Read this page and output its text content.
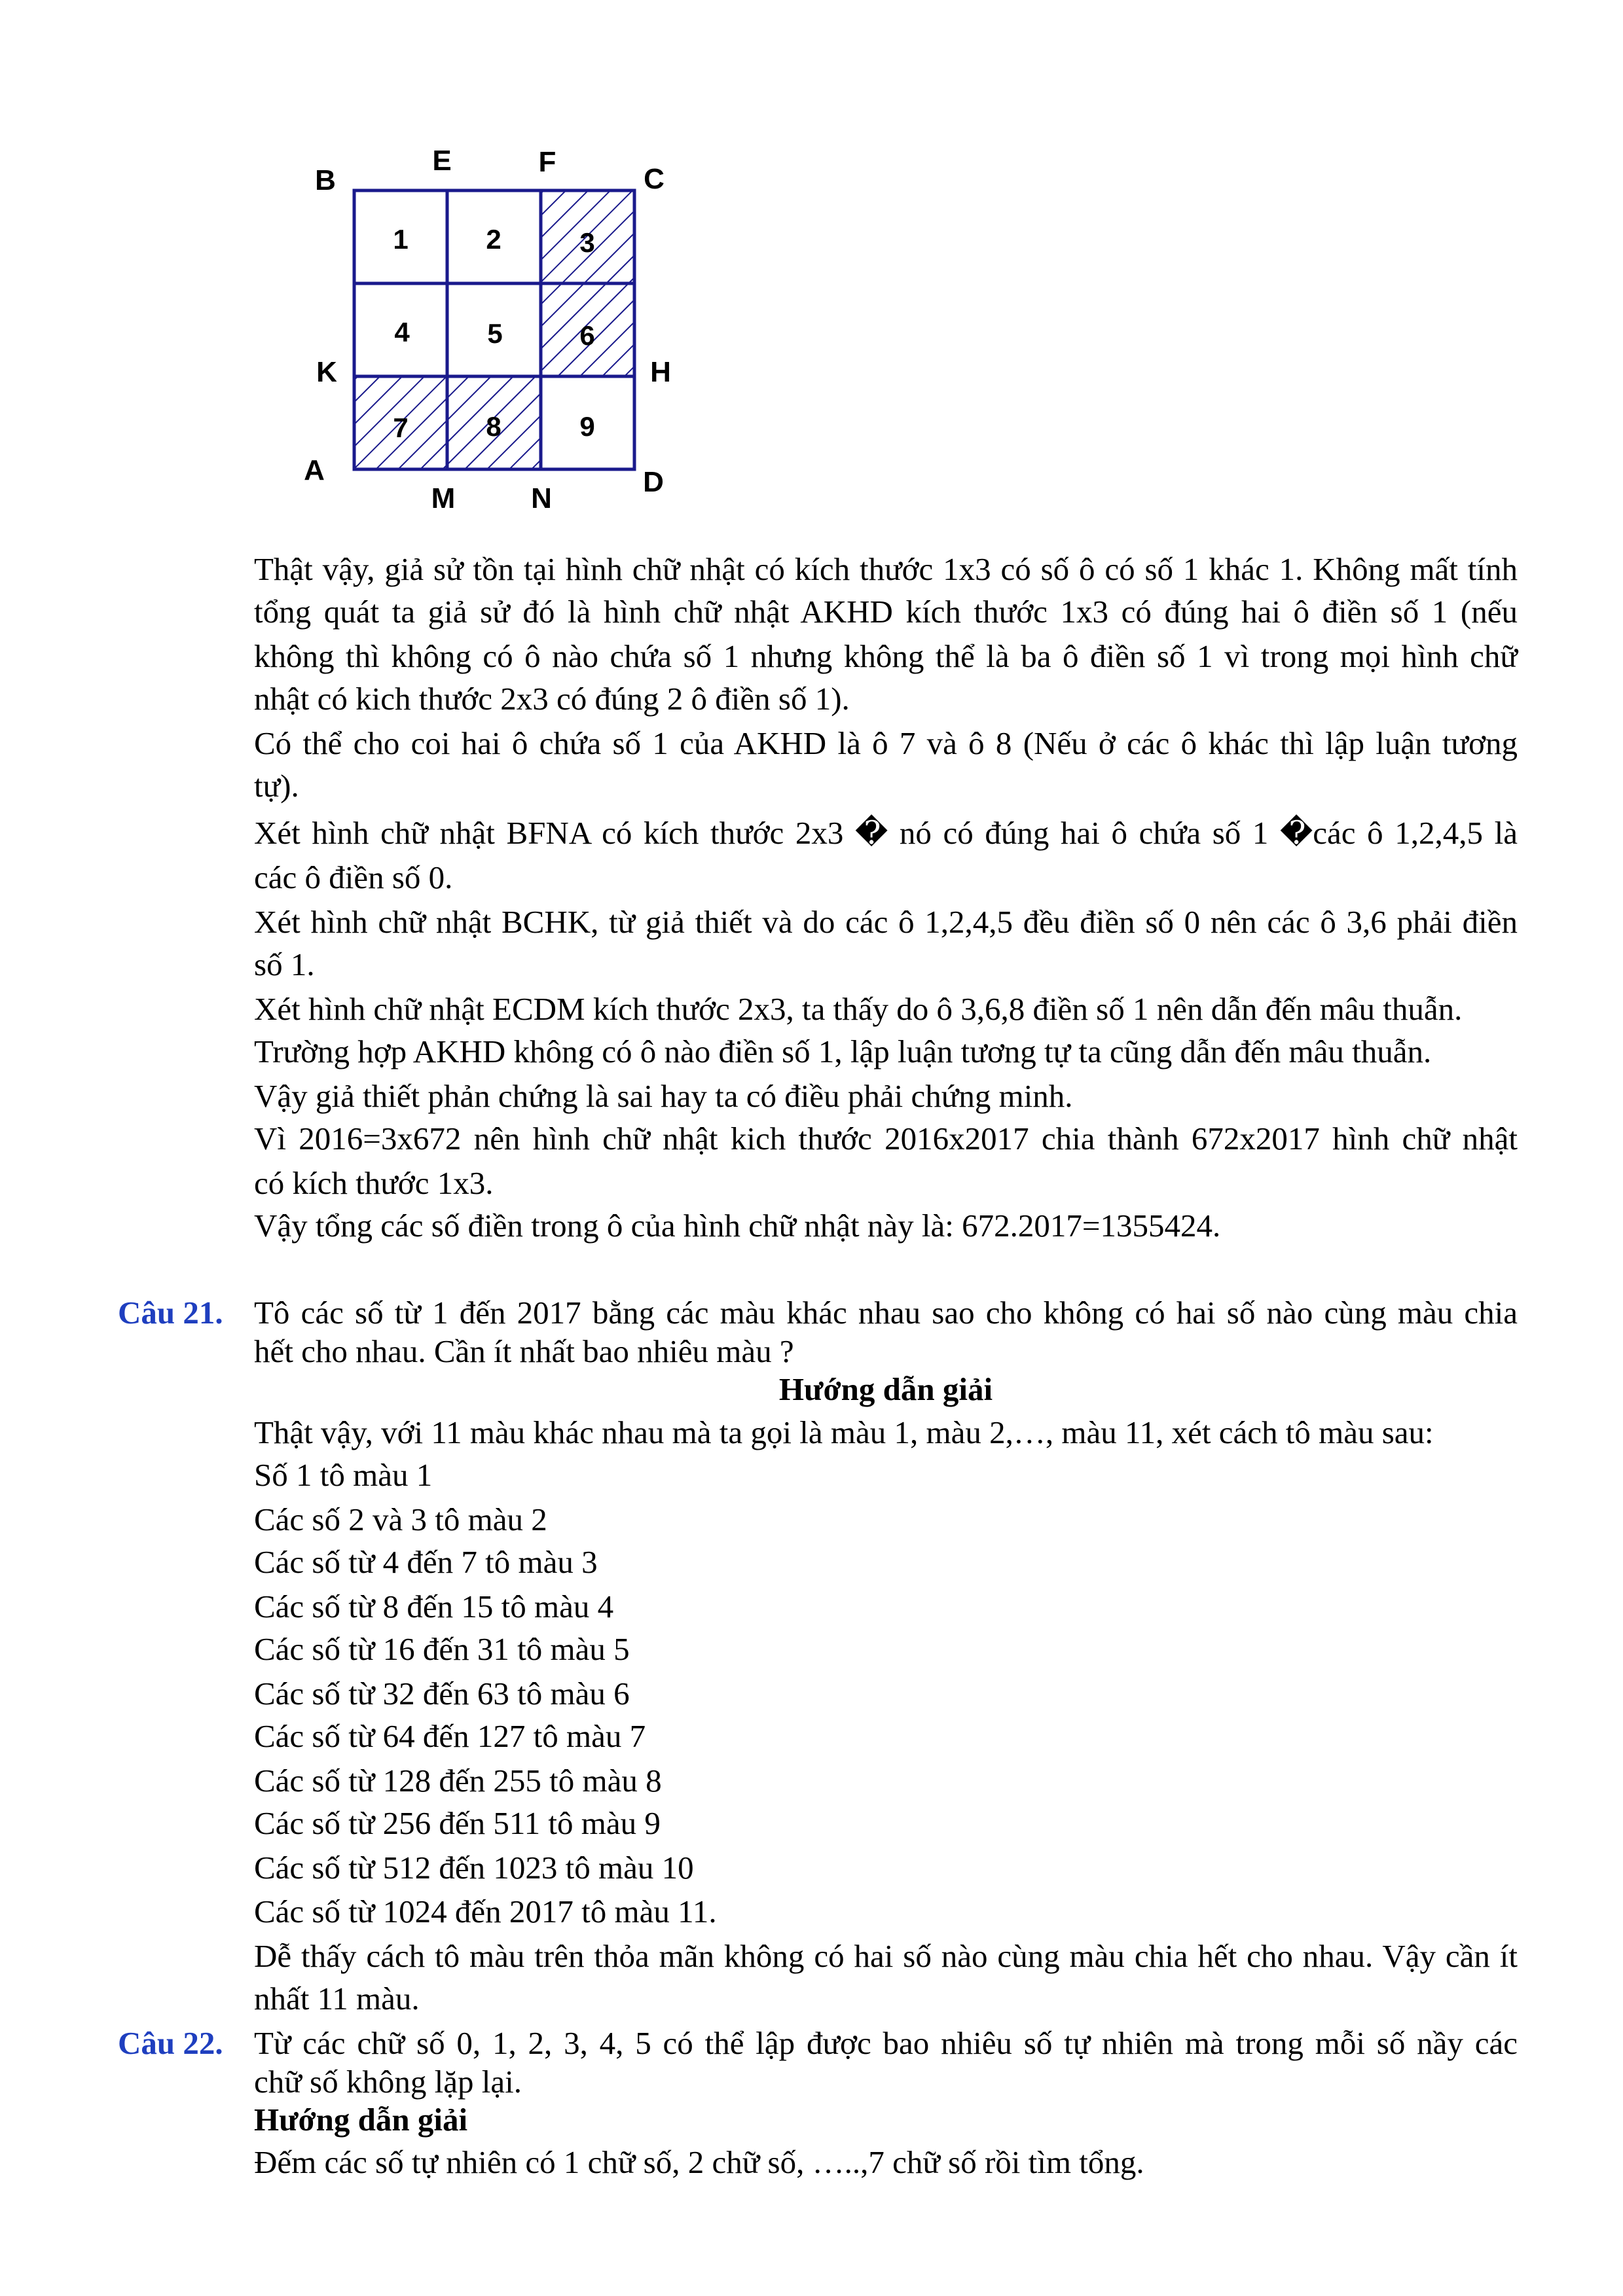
1	2	3
4	5	6
7	8	9
B
E	F
C
K	H
A	D
M	N
Thật vậy, giả sử tồn tại hình chữ nhật có kích thước 1x3 có số ô có số 1 khác 1. Không mất tính
tổng quát ta giả sử đó là hình chữ nhật AKHD kích thước 1x3 có đúng hai ô điền số 1 (nếu
không thì không có ô nào chứa số 1 nhưng không thể là ba ô điền số 1 vì trong mọi hình chữ
nhật có kich thước 2x3 có đúng 2 ô điền số 1).
Có thể cho coi hai ô chứa số 1 của AKHD là ô 7 và ô 8 (Nếu ở các ô khác thì lập luận tương
tự).
Xét hình chữ nhật BFNA có kích thước 2x3 � nó có đúng hai ô chứa số 1 �các ô 1,2,4,5 là
các ô điền số 0.
Xét hình chữ nhật BCHK, từ giả thiết và do các ô 1,2,4,5 đều điền số 0 nên các ô 3,6 phải điền
số 1.
Xét hình chữ nhật ECDM kích thước 2x3, ta thấy do ô 3,6,8 điền số 1 nên dẫn đến mâu thuẫn.
Trường hợp AKHD không có ô nào điền số 1, lập luận tương tự ta cũng dẫn đến mâu thuẫn.
Vậy giả thiết phản chứng là sai hay ta có điều phải chứng minh.
Vì 2016=3x672 nên hình chữ nhật kich thước 2016x2017 chia thành 672x2017 hình chữ nhật
có kích thước 1x3.
Vậy tổng các số điền trong ô của hình chữ nhật này là: 672.2017=1355424.
Câu 21. Tô các số từ 1 đến 2017 bằng các màu khác nhau sao cho không có hai số nào cùng màu chia
hết cho nhau. Cần ít nhất bao nhiêu màu ?
Hướng dẫn giải
Thật vậy, với 11 màu khác nhau mà ta gọi là màu 1, màu 2,…, màu 11, xét cách tô màu sau:
Số 1 tô màu 1
Các số 2 và 3 tô màu 2
Các số từ 4 đến 7 tô màu 3
Các số từ 8 đến 15 tô màu 4
Các số từ 16 đến 31 tô màu 5
Các số từ 32 đến 63 tô màu 6
Các số từ 64 đến 127 tô màu 7
Các số từ 128 đến 255 tô màu 8
Các số từ 256 đến 511 tô màu 9
Các số từ 512 đến 1023 tô màu 10
Các số từ 1024 đến 2017 tô màu 11.
Dễ thấy cách tô màu trên thỏa mãn không có hai số nào cùng màu chia hết cho nhau. Vậy cần ít
nhất 11 màu.
Câu 22. Từ các chữ số 0, 1, 2, 3, 4, 5 có thể lập được bao nhiêu số tự nhiên mà trong mỗi số nầy các
chữ số không lặp lại.
Hướng dẫn giải
Đếm các số tự nhiên có 1 chữ số, 2 chữ số, …..,7 chữ số rồi tìm tổng.
